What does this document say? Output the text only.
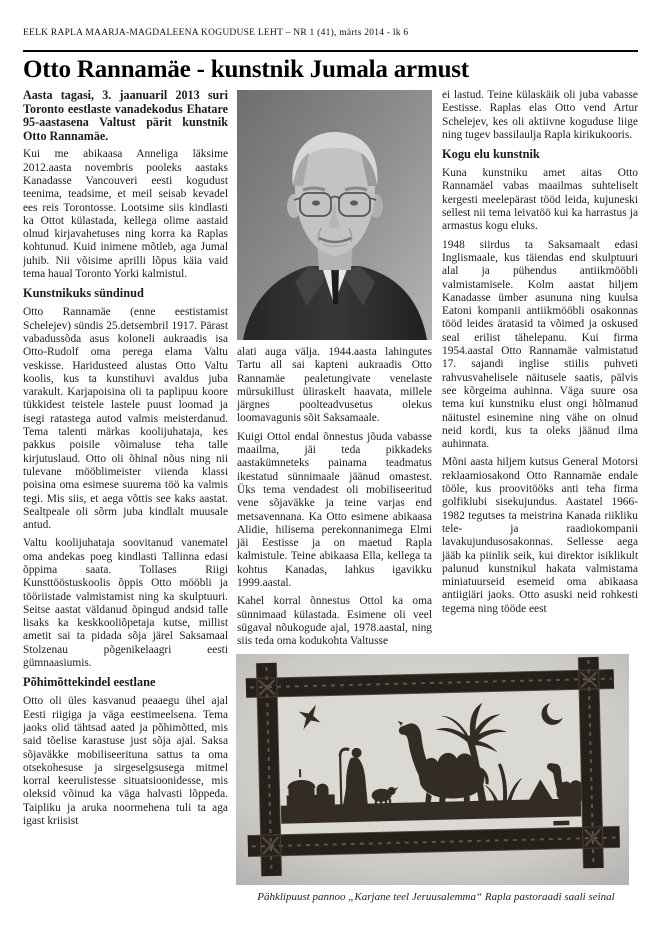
EELK RAPLA MAARJA-MAGDALEENA KOGUDUSE LEHT – NR 1 (41), märts 2014 - lk 6
Otto Rannamäe - kunstnik Jumala armust

Aasta tagasi, 3. jaanuaril 2013 suri Toronto eestlaste vanadekodus Ehatare 95-aastasena Valtust pärit kunstnik Otto Rannamäe.

Kui me abikaasa Anneliga läksime 2012.aasta novembris pooleks aastaks Kanadasse Vancouveri eesti kogudust teenima, teadsime, et meil seisab kevadel ees reis Torontosse. Lootsime siis kindlasti ka Ottot külastada, kellega olime aastaid olnud kirjavahetuses ning korra ka Raplas kohtunud. Kuid inimene mõtleb, aga Jumal juhib. Nii võisime aprilli lõpus käia vaid tema haual Toronto Yorki kalmistul.

Kunstnikuks sündinud

Otto Rannamäe (enne eestistamist Schelejev) sündis 25.detsembril 1917. Pärast vabadussõda asus koloneli aukraadis isa Otto-Rudolf oma perega elama Valtu veskisse. Haridusteed alustas Otto Valtu koolis, kus ta kunstihuvi avaldus juba varakult. Karjapoisina oli ta paplipuu koore tükkidest teistele lastele puust loomad ja isegi ratastega autod valmis meisterdanud. Tema talenti märkas koolijuhataja, kes pakkus poisile võimaluse teha talle kirjutuslaud. Otto oli õhinal nõus ning nii tulevane mööblimeister viienda klassi poisina oma esimese suurema töö ka valmis tegi. Mis siis, et aega võttis see kaks aastat. Sealtpeale oli sõrm juba kindlalt muusale antud.

Valtu koolijuhataja soovitanud vanematel oma andekas poeg kindlasti Tallinna edasi õppima saata. Tollases Riigi Kunsttööstuskoolis õppis Otto mööbli ja tööriistade valmistamist ning ka skulptuuri. Seitse aastat väldanud õpingud andsid talle lisaks ka keskkooliõpetaja kutse, millist ametit sai ta pidada sõja järel Saksamaal Stolzenau põgenikelaagri eesti gümnaasiumis.

Põhimõttekindel eestlane

Otto oli üles kasvanud peaaegu ühel ajal Eesti riigiga ja väga eestimeelsena. Tema jaoks olid tähtsad aated ja põhimõtted, mis said tõelise karastuse just sõja ajal. Saksa sõjaväkke mobiliseerituna sattus ta oma otsekohesuse ja sirgeselgsusega mitmel korral keerulistesse situatsioonidesse, mis oleksid võinud ka väga halvasti lõppeda. Taipliku ja aruka noormehena tuli ta aga igast kriisist

alati auga välja. 1944.aasta lahingutes Tartu all sai kapteni aukraadis Otto Rannamäe pealetungivate venelaste mürsukillust üliraskelt haavata, millele järgnes poolteadvusetus olekus loomavagunis sõit Saksamaale.

Kuigi Ottol endal õnnestus jõuda vabasse maailma, jäi teda pikkadeks aastakümneteks painama teadmatus ikestatud sünnimaale jäänud omastest. Üks tema vendadest oli mobiliseeritud vene sõjaväkke ja teine varjas end metsavennana. Ka Otto esimene abikaasa Alidie, hilisema perekonnanimega Elmi jäi Eestisse ja on maetud Rapla kalmistule. Teine abikaasa Ella, kellega ta kohtus Kanadas, lahkus igavikku 1999.aastal.

Kahel korral õnnestus Ottol ka oma sünnimaad külastada. Esimene oli veel sügaval nõukogude ajal, 1978.aastal, ning siis teda oma kodukohta Valtusse

ei lastud. Teine külaskäik oli juba vabasse Eestisse. Raplas elas Otto vend Artur Schelejev, kes oli aktiivne koguduse liige ning tugev bassilaulja Rapla kirikukooris.

Kogu elu kunstnik

Kuna kunstniku amet aitas Otto Rannamäel vabas maailmas suhteliselt kergesti meelepärast tööd leida, kujuneski sellest nii tema leivatöö kui ka harrastus ja armastus kogu eluks.

1948 siirdus ta Saksamaalt edasi Inglismaale, kus täiendas end skulptuuri alal ja pühendus antiikmööbli valmistamisele. Kolm aastat hiljem Kanadasse ümber asununa ning kuulsa Eatoni kompanii antiikmööbli osakonnas tööd leides äratasid ta võimed ja oskused seal erilist tähelepanu. Kui firma 1954.aastal Otto Rannamäe valmistatud 17. sajandi inglise stiilis puhveti rahvusvahelisele näitusele saatis, pälvis see kõrgeima auhinna. Väga suure osa tema kui kunstniku elust ongi hõlmanud näitustel esinemine ning vähe on olnud neid kordi, kus ta oleks jäänud ilma auhinnata.

Mõni aasta hiljem kutsus General Motorsi reklaamiosakond Otto Rannamäe endale tööle, kus proovitööks anti teha firma golfiklubi sisekujundus. Aastatel 1966-1982 tegutses ta meistrina Kanada riikliku tele- ja raadiokompanii lavakujundusosakonnas. Sellesse aega jääb ka piinlik seik, kui direktor isiklikult palunud kunstnikul hakata valmistama miniatuurseid esemeid oma abikaasa antiigiäri jaoks. Otto asuski neid rohkesti tegema ning tööde eest

Pähklipuust pannoo „Karjane teel Jeruusalemma“ Rapla pastoraadi saali seinal
